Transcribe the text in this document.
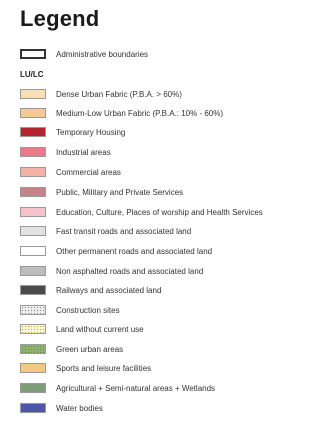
Legend
Administrative boundaries
LU/LC
Dense Urban Fabric (P.B.A. > 60%)
Medium-Low Urban Fabric (P.B.A.: 10% - 60%)
Temporary Housing
Industrial areas
Commercial areas
Public, Military and Private Services
Education, Culture, Places of worship and Health Services
Fast transit roads and associated land
Other permanent roads and associated land
Non asphalted roads and associated land
Railways and associated land
Construction sites
Land without current use
Green urban areas
Sports and leisure facilities
Agricultural + Semi-natural areas + Wetlands
Water bodies
